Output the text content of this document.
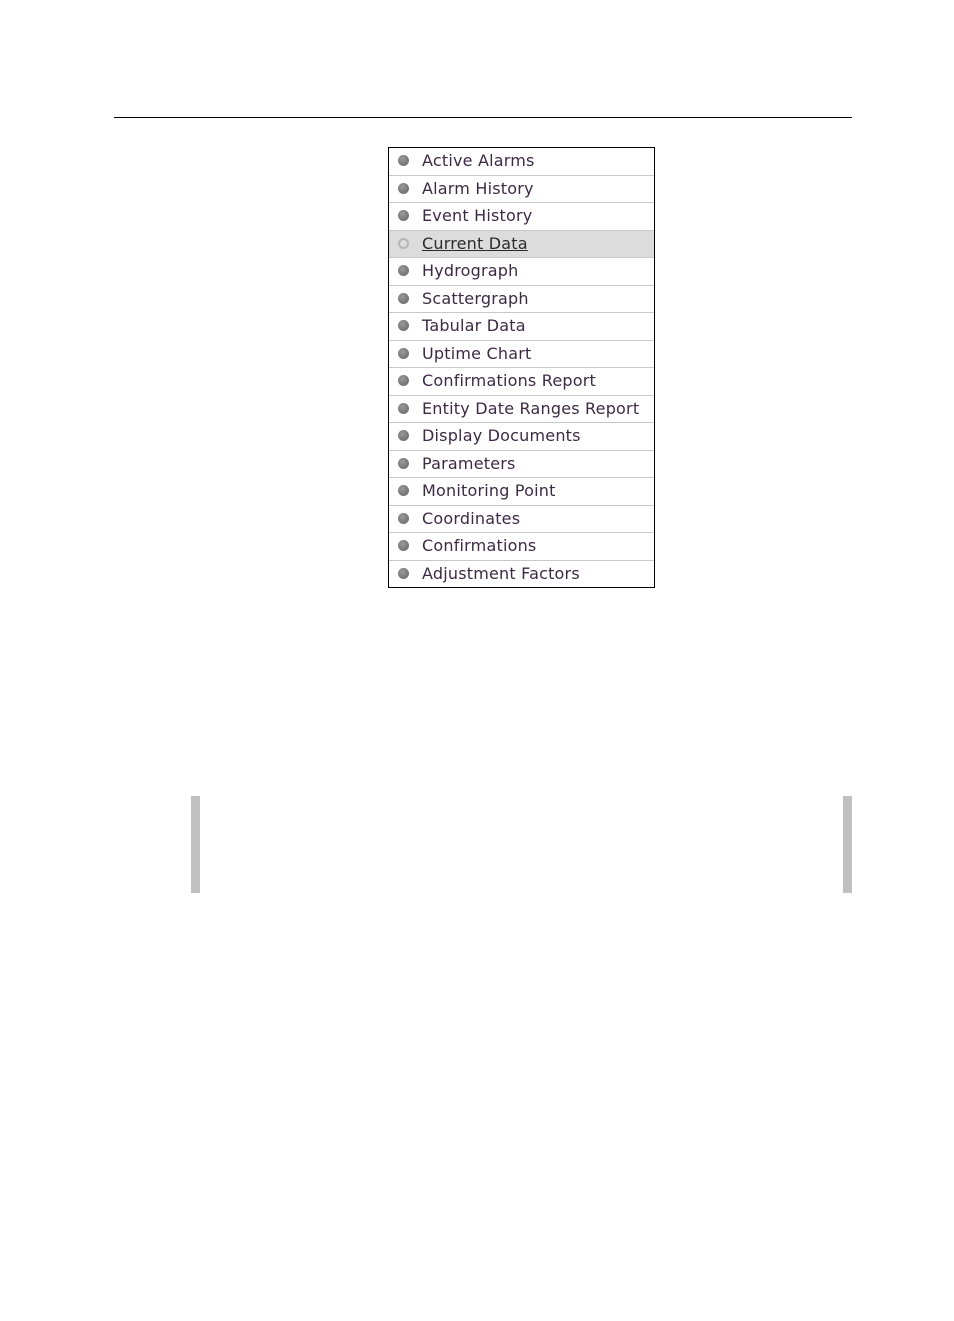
Active Alarms
Alarm History
Event History
Current Data
Hydrograph
Scattergraph
Tabular Data
Uptime Chart
Confirmations Report
Entity Date Ranges Report
Display Documents
Parameters
Monitoring Point
Coordinates
Confirmations
Adjustment Factors
